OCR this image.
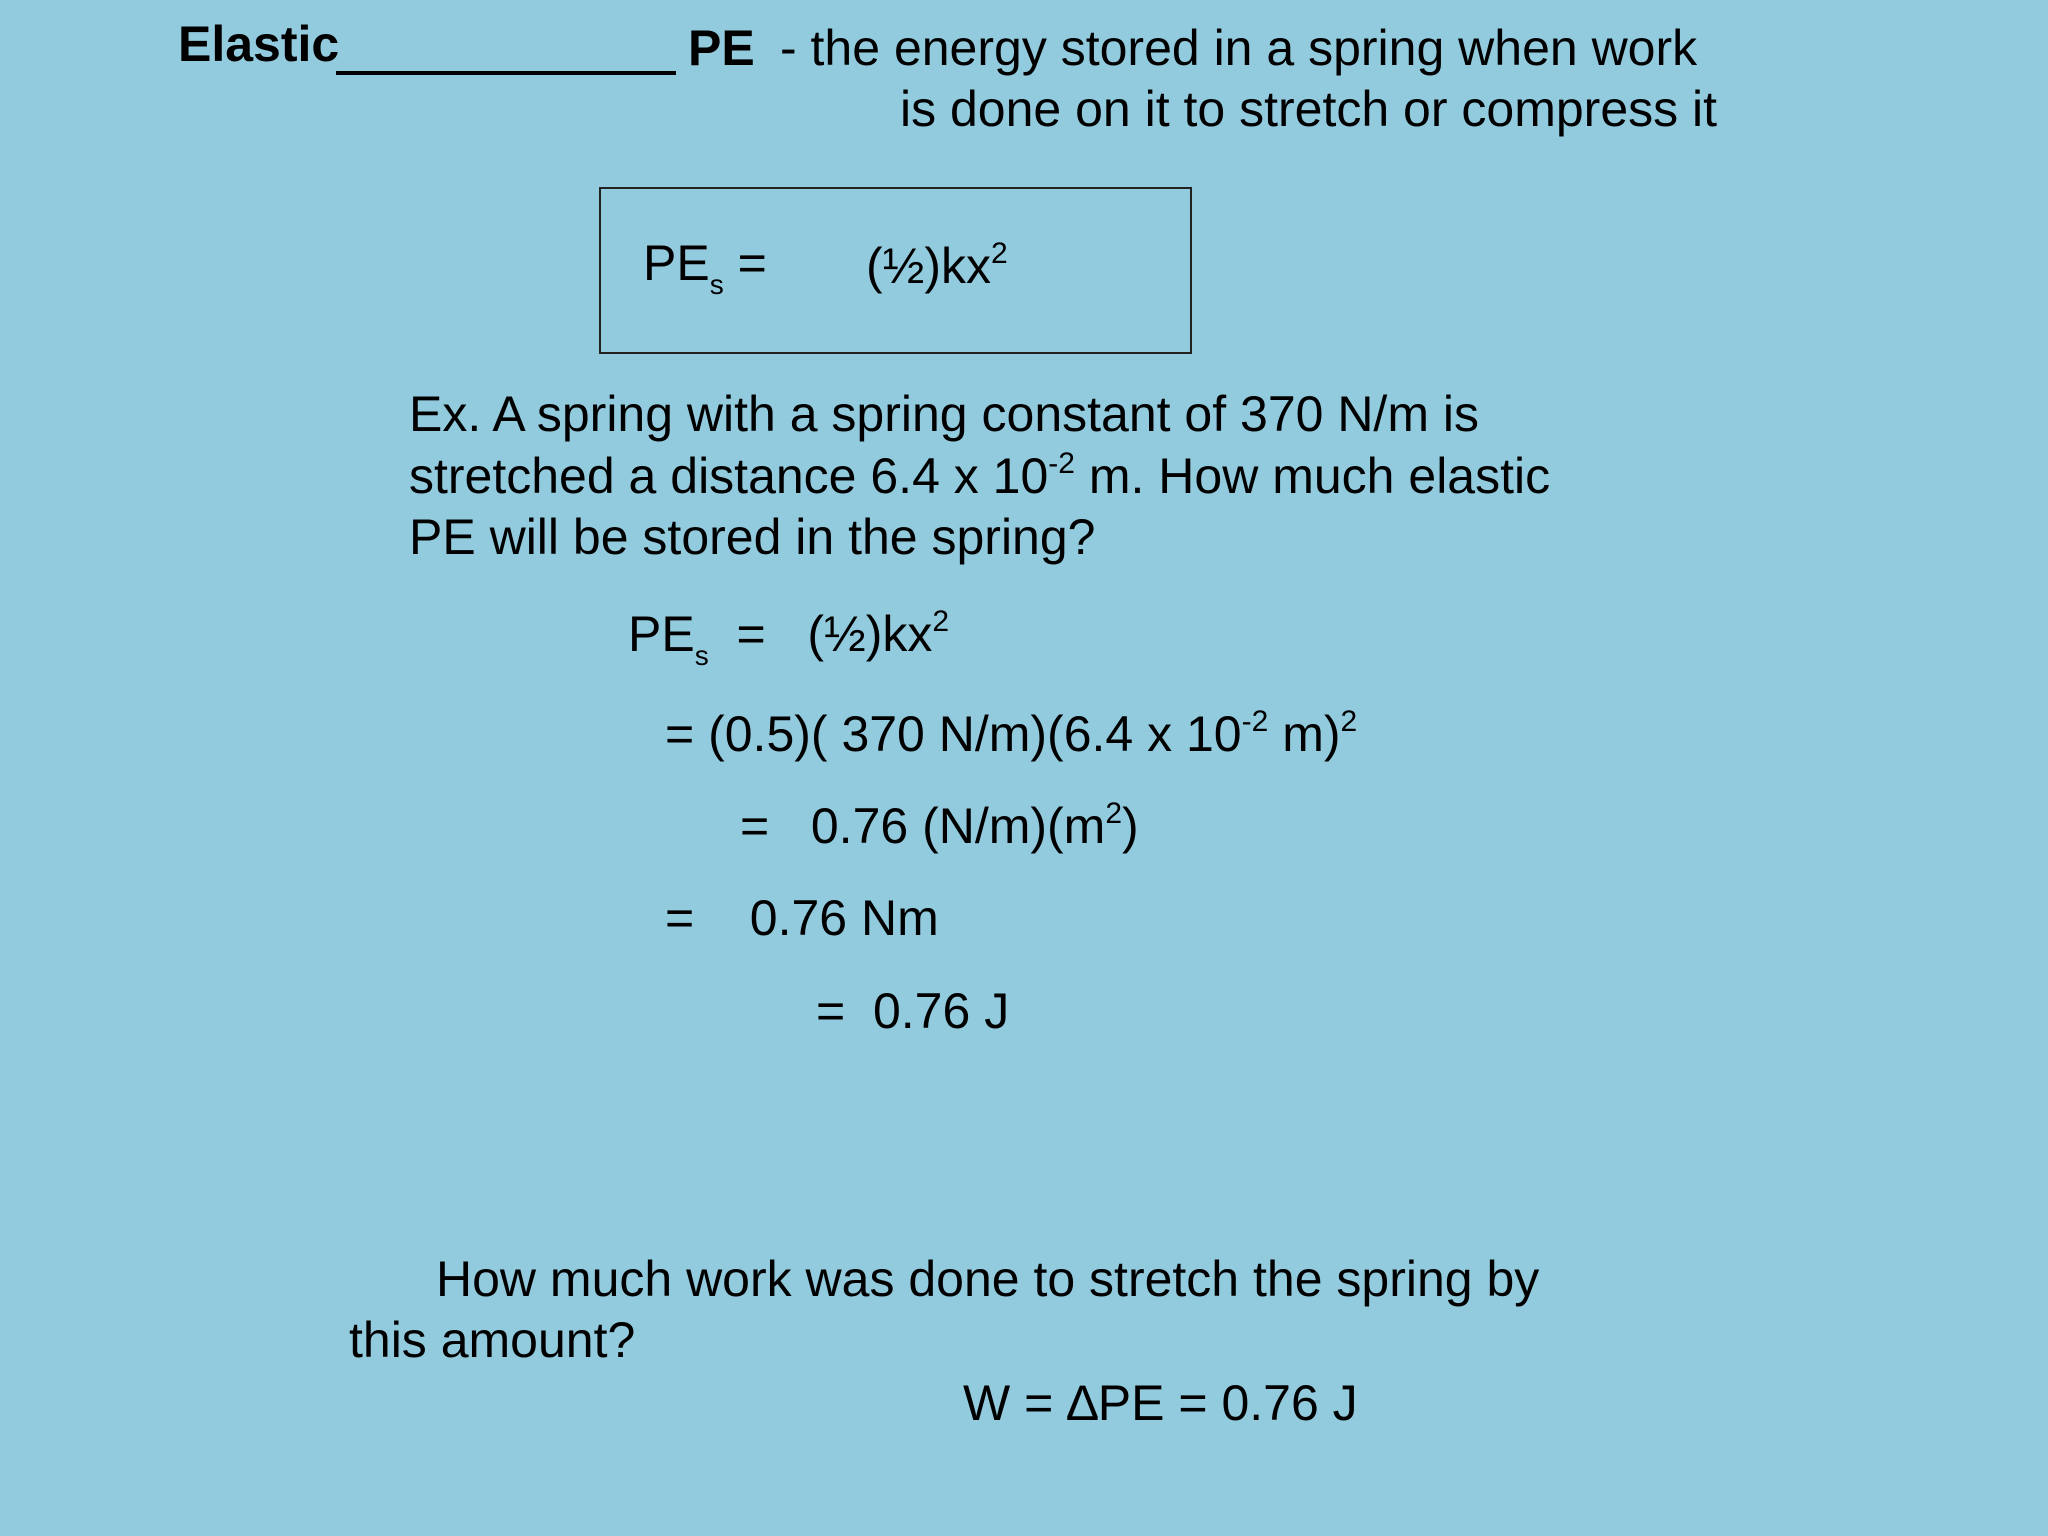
Elastic	PE - the energy stored in a spring when work
is done on it to stretch or compress it
$PE_s$ = $(\frac{1}{2})kx^2$
Ex. A spring with a spring constant of 370 N/m is
stretched a distance 6.4 x $10^{-2}$ m. How much elastic
PE will be stored in the spring?
$PE_s$  =   $(\frac{1}{2})kx^2$
= (0.5)( 370 N/m)(6.4 x $10^{-2}$ m)$^2$
=   0.76 $(N/m)(m^2)$
=    0.76 Nm
=  0.76 J
How much work was done to stretch the spring by
this amount?
W = ∆PE = 0.76 J
